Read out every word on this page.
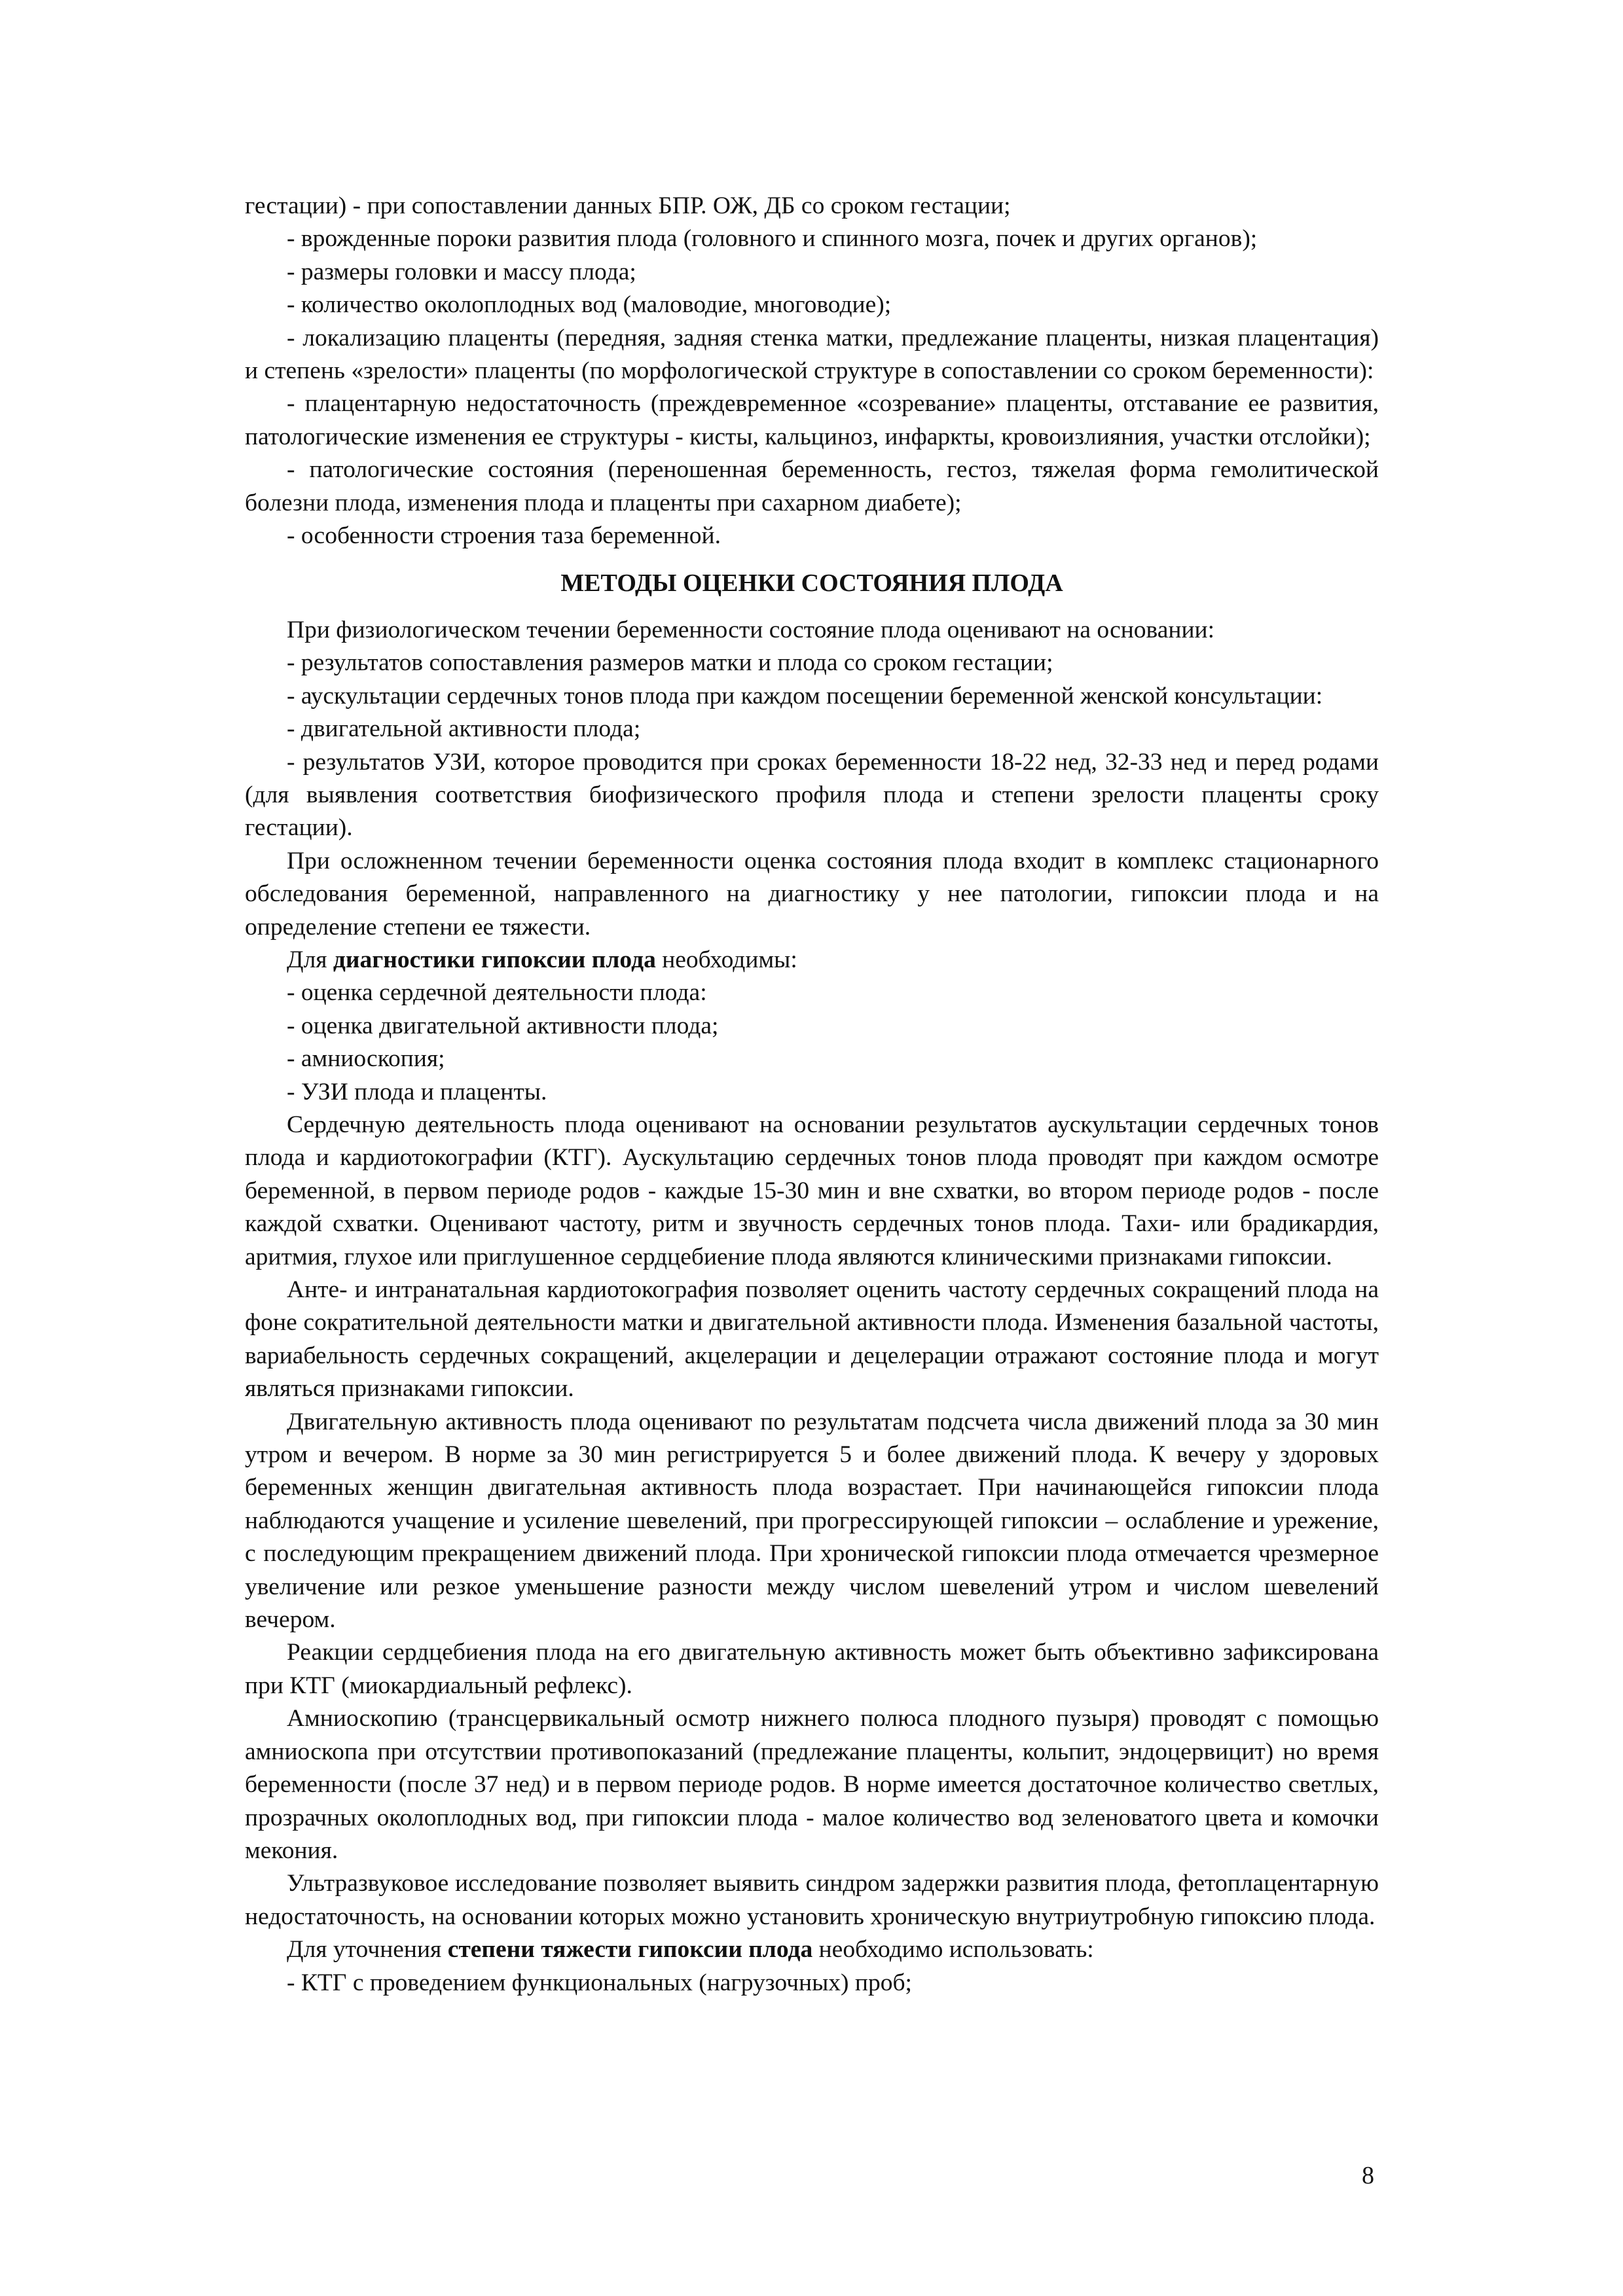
гестации) - при сопоставлении данных БПР. ОЖ, ДБ со сроком гестации;

- врожденные пороки развития плода (головного и спинного мозга, почек и других органов);

- размеры головки и массу плода;

- количество околоплодных вод (маловодие, многоводие);

- локализацию плаценты (передняя, задняя стенка матки, предлежание плаценты, низкая плацентация) и степень «зрелости» плаценты (по морфологической структуре в сопоставлении со сроком беременности):

- плацентарную недостаточность (преждевременное «созревание» плаценты, отставание ее развития, патологические изменения ее структуры - кисты, кальциноз, инфаркты, кровоизлияния, участки отслойки);

- патологические состояния (переношенная беременность, гестоз, тяжелая форма гемолитической болезни плода, изменения плода и плаценты при сахарном диабете);

- особенности строения таза беременной.

МЕТОДЫ ОЦЕНКИ СОСТОЯНИЯ ПЛОДА

При физиологическом течении беременности состояние плода оценивают на основании:

- результатов сопоставления размеров матки и плода со сроком гестации;

- аускультации сердечных тонов плода при каждом посещении беременной женской консультации:

- двигательной активности плода;

- результатов УЗИ, которое проводится при сроках беременности 18-22 нед, 32-33 нед и перед родами (для выявления соответствия биофизического профиля плода и степени зрелости плаценты сроку гестации).

При осложненном течении беременности оценка состояния плода входит в комплекс стационарного обследования беременной, направленного на диагностику у нее патологии, гипоксии плода и на определение степени ее тяжести.

Для диагностики гипоксии плода необходимы:

- оценка сердечной деятельности плода:

- оценка двигательной активности плода;

- амниоскопия;

- УЗИ плода и плаценты.

Сердечную деятельность плода оценивают на основании результатов аускультации сердечных тонов плода и кардиотокографии (КТГ). Аускультацию сердечных тонов плода проводят при каждом осмотре беременной, в первом периоде родов - каждые 15-30 мин и вне схватки, во втором периоде родов - после каждой схватки. Оценивают частоту, ритм и звучность сердечных тонов плода. Тахи- или брадикардия, аритмия, глухое или приглушенное сердцебиение плода являются клиническими признаками гипоксии.

Анте- и интранатальная кардиотокография позволяет оценить частоту сердечных сокращений плода на фоне сократительной деятельности матки и двигательной активности плода. Изменения базальной частоты, вариабельность сердечных сокращений, акцелерации и децелерации отражают состояние плода и могут являться признаками гипоксии.

Двигательную активность плода оценивают по результатам подсчета числа движений плода за 30 мин утром и вечером. В норме за 30 мин регистрируется 5 и более движений плода. К вечеру у здоровых беременных женщин двигательная активность плода возрастает. При начинающейся гипоксии плода наблюдаются учащение и усиление шевелений, при прогрессирующей гипоксии – ослабление и урежение, с последующим прекращением движений плода. При хронической гипоксии плода отмечается чрезмерное увеличение или резкое уменьшение разности между числом шевелений утром и числом шевелений вечером.

Реакции сердцебиения плода на его двигательную активность может быть объективно зафиксирована при КТГ (миокардиальный рефлекс).

Амниоскопию (трансцервикальный осмотр нижнего полюса плодного пузыря) проводят с помощью амниоскопа при отсутствии противопоказаний (предлежание плаценты, кольпит, эндоцервицит) но время беременности (после 37 нед) и в первом периоде родов. В норме имеется достаточное количество светлых, прозрачных околоплодных вод, при гипоксии плода - малое количество вод зеленоватого цвета и комочки мекония.

Ультразвуковое исследование позволяет выявить синдром задержки развития плода, фетоплацентарную недостаточность, на основании которых можно установить хроническую внутриутробную гипоксию плода.

Для уточнения степени тяжести гипоксии плода необходимо использовать:

- КТГ с проведением функциональных (нагрузочных) проб;

8
